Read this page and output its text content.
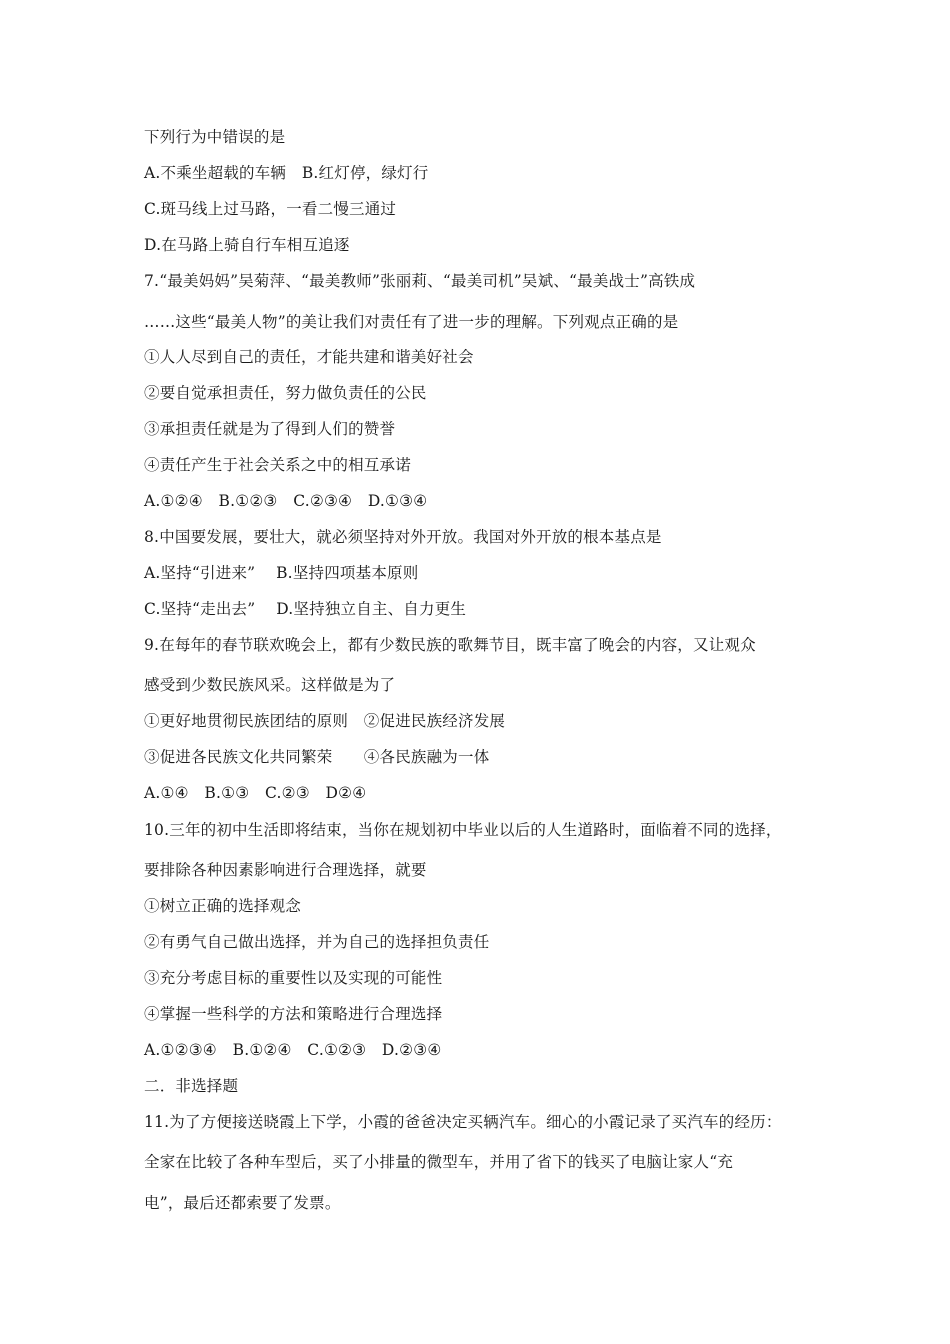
下列行为中错误的是
A.不乘坐超载的车辆　B.红灯停，绿灯行
C.斑马线上过马路，一看二慢三通过
D.在马路上骑自行车相互追逐
7.“最美妈妈”吴菊萍、“最美教师”张丽莉、“最美司机”吴斌、“最美战士”高铁成
……这些“最美人物”的美让我们对责任有了进一步的理解。下列观点正确的是
①人人尽到自己的责任，才能共建和谐美好社会
②要自觉承担责任，努力做负责任的公民
③承担责任就是为了得到人们的赞誉
④责任产生于社会关系之中的相互承诺
A.①②④　B.①②③　C.②③④　D.①③④
8.中国要发展，要壮大，就必须坚持对外开放。我国对外开放的根本基点是
A.坚持“引进来”　 B.坚持四项基本原则
C.坚持“走出去”　 D.坚持独立自主、自力更生
9.在每年的春节联欢晚会上，都有少数民族的歌舞节目，既丰富了晚会的内容，又让观众
感受到少数民族风采。这样做是为了
①更好地贯彻民族团结的原则　②促进民族经济发展
③促进各民族文化共同繁荣　　④各民族融为一体
A.①④　B.①③　C.②③　D②④
10.三年的初中生活即将结束，当你在规划初中毕业以后的人生道路时，面临着不同的选择，
要排除各种因素影响进行合理选择，就要
①树立正确的选择观念
②有勇气自己做出选择，并为自己的选择担负责任
③充分考虑目标的重要性以及实现的可能性
④掌握一些科学的方法和策略进行合理选择
A.①②③④　B.①②④　C.①②③　D.②③④
二．非选择题
11.为了方便接送晓霞上下学，小霞的爸爸决定买辆汽车。细心的小霞记录了买汽车的经历：
全家在比较了各种车型后，买了小排量的微型车，并用了省下的钱买了电脑让家人“充
电”，最后还都索要了发票。
